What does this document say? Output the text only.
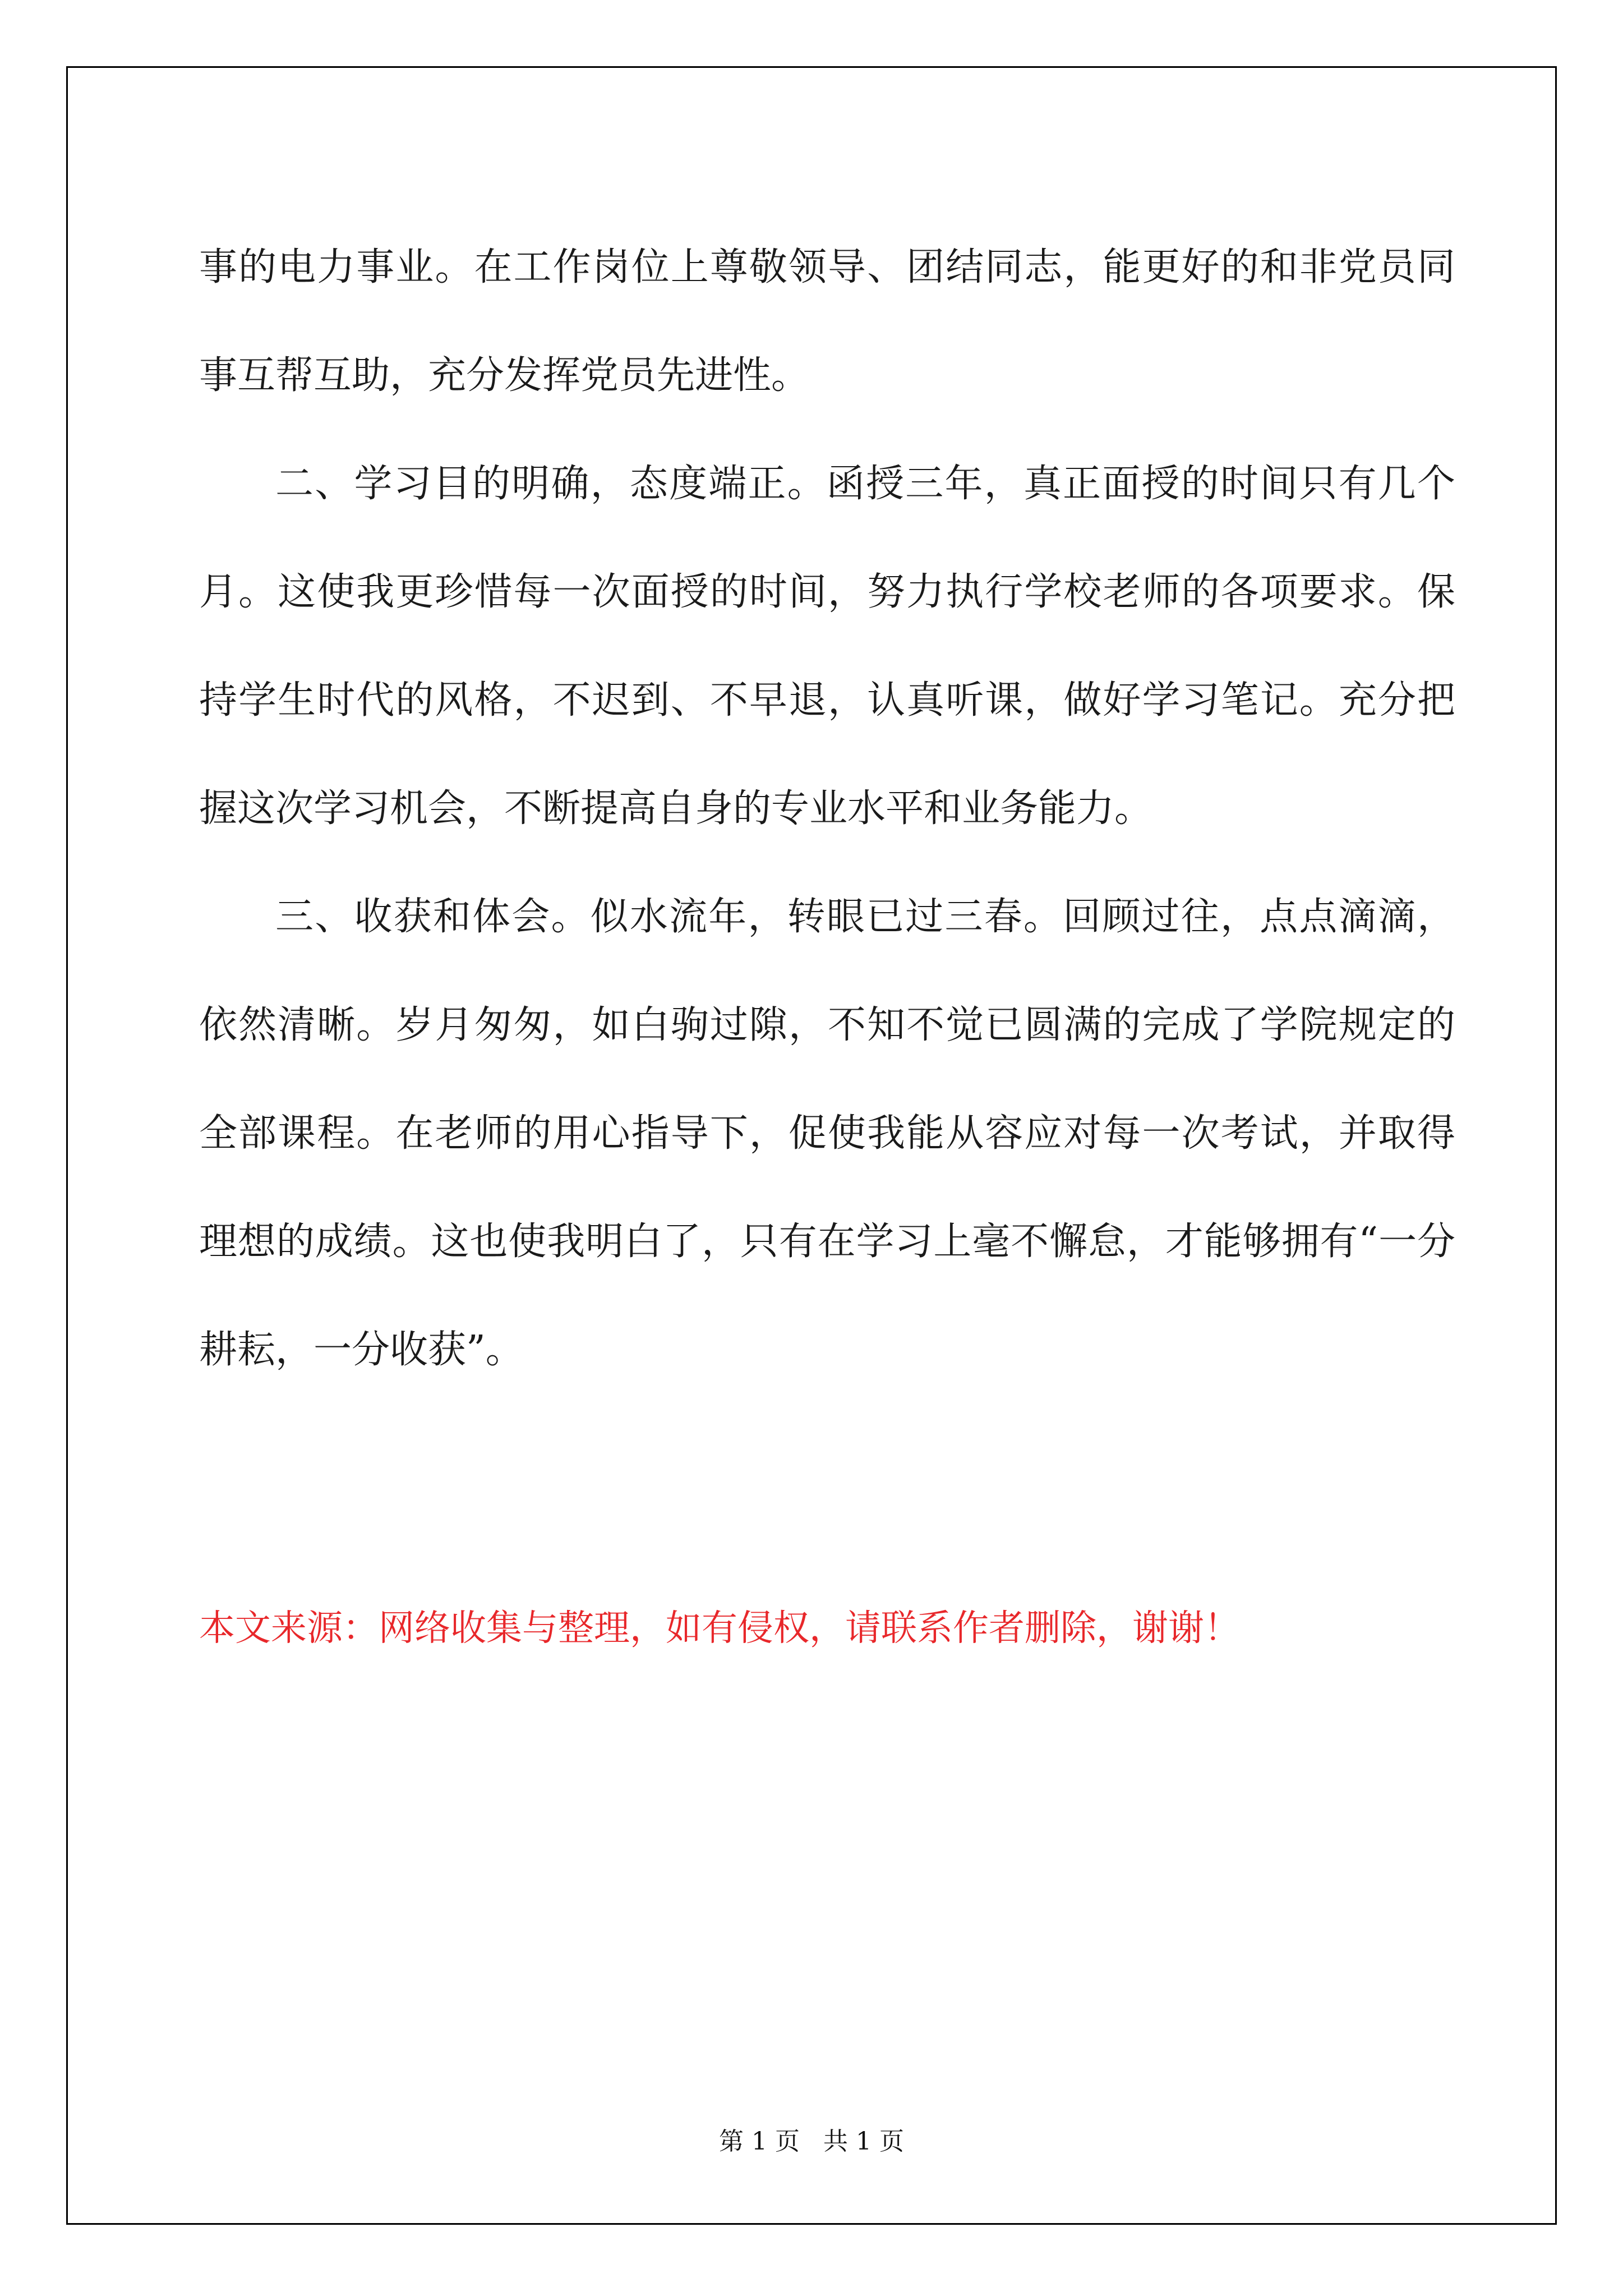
事的电力事业。在工作岗位上尊敬领导、团结同志，能更好的和非党员同事互帮互助，充分发挥党员先进性。

二、学习目的明确，态度端正。函授三年，真正面授的时间只有几个月。这使我更珍惜每一次面授的时间，努力执行学校老师的各项要求。保持学生时代的风格，不迟到、不早退，认真听课，做好学习笔记。充分把握这次学习机会，不断提高自身的专业水平和业务能力。

三、收获和体会。似水流年，转眼已过三春。回顾过往，点点滴滴，依然清晰。岁月匆匆，如白驹过隙，不知不觉已圆满的完成了学院规定的全部课程。在老师的用心指导下，促使我能从容应对每一次考试，并取得理想的成绩。这也使我明白了，只有在学习上毫不懈怠，才能够拥有“一分耕耘，一分收获”。

本文来源：网络收集与整理，如有侵权，请联系作者删除，谢谢！
第 1 页 共 1 页
